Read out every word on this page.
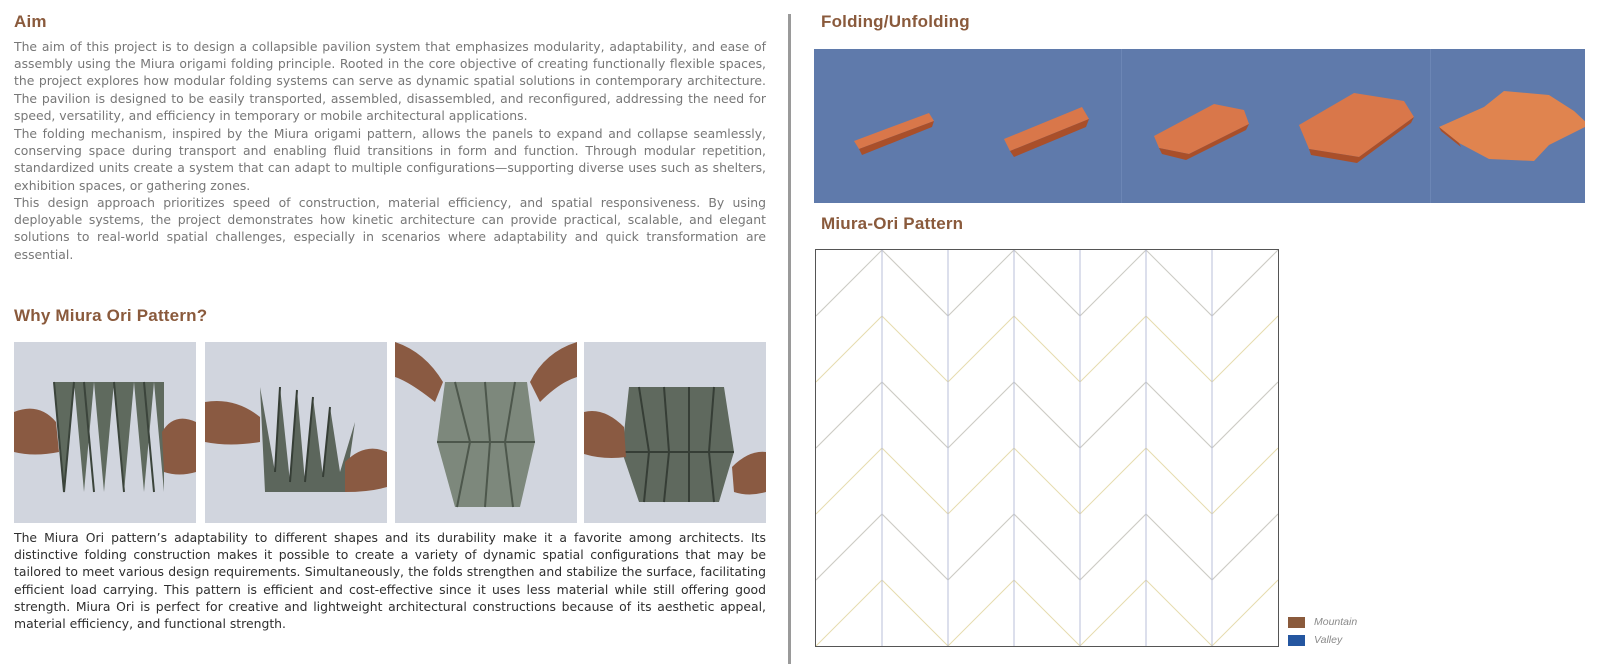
Aim

The aim of this project is to design a collapsible pavilion system that emphasizes modularity, adaptability, and ease of assembly using the Miura origami folding principle. Rooted in the core objective of creating functionally flexible spaces, the project explores how modular folding systems can serve as dynamic spatial solutions in contemporary architecture. The pavilion is designed to be easily transported, assembled, disassembled, and reconfigured, addressing the need for speed, versatility, and efficiency in temporary or mobile architectural applications.

The folding mechanism, inspired by the Miura origami pattern, allows the panels to expand and collapse seamlessly, conserving space during transport and enabling fluid transitions in form and function. Through modular repetition, standardized units create a system that can adapt to multiple configurations—supporting diverse uses such as shelters, exhibition spaces, or gathering zones.

This design approach prioritizes speed of construction, material efficiency, and spatial responsiveness. By using deployable systems, the project demonstrates how kinetic architecture can provide practical, scalable, and elegant solutions to real-world spatial challenges, especially in scenarios where adaptability and quick transformation are essential.

Why Miura Ori Pattern?

The Miura Ori pattern’s adaptability to different shapes and its durability make it a favorite among architects. Its distinctive folding construction makes it possible to create a variety of dynamic spatial configurations that may be tailored to meet various design requirements. Simultaneously, the folds strengthen and stabilize the surface, facilitating efficient load carrying. This pattern is efficient and cost-effective since it uses less material while still offering good strength. Miura Ori is perfect for creative and lightweight architectural constructions because of its aesthetic appeal, material efficiency, and functional strength.

Folding/Unfolding
Miura-Ori Pattern
Mountain
Valley
